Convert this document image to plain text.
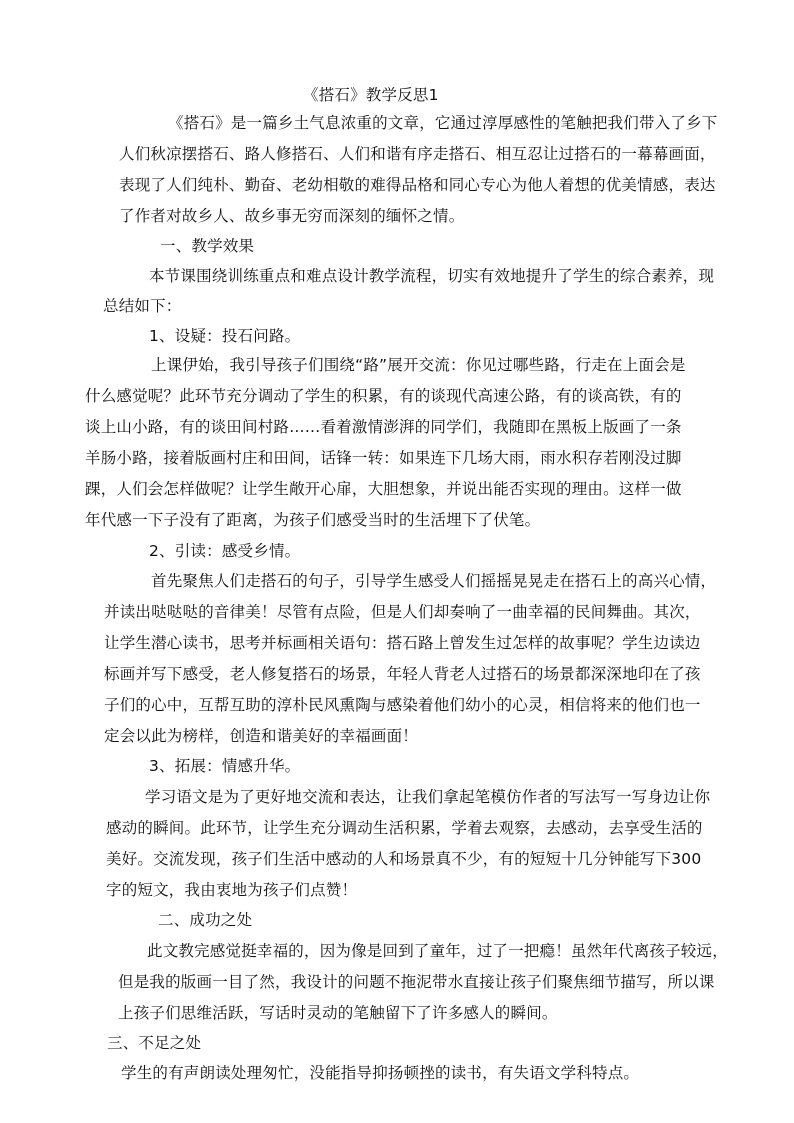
《搭石》教学反思1
《搭石》是一篇乡土气息浓重的文章，它通过淳厚感性的笔触把我们带入了乡下
人们秋凉摆搭石、路人修搭石、人们和谐有序走搭石、相互忍让过搭石的一幕幕画面，
表现了人们纯朴、勤奋、老幼相敬的难得品格和同心专心为他人着想的优美情感，表达
了作者对故乡人、故乡事无穷而深刻的缅怀之情。
一、教学效果
本节课围绕训练重点和难点设计教学流程，切实有效地提升了学生的综合素养，现
总结如下：
1、设疑：投石问路。
上课伊始，我引导孩子们围绕“路”展开交流：你见过哪些路，行走在上面会是
什么感觉呢？此环节充分调动了学生的积累，有的谈现代高速公路，有的谈高铁，有的
谈上山小路，有的谈田间村路……看着激情澎湃的同学们，我随即在黑板上版画了一条
羊肠小路，接着版画村庄和田间，话锋一转：如果连下几场大雨，雨水积存若刚没过脚
踝，人们会怎样做呢？让学生敞开心扉，大胆想象，并说出能否实现的理由。这样一做
年代感一下子没有了距离，为孩子们感受当时的生活埋下了伏笔。
2、引读：感受乡情。
首先聚焦人们走搭石的句子，引导学生感受人们摇摇晃晃走在搭石上的高兴心情，
并读出哒哒哒的音律美！尽管有点险，但是人们却奏响了一曲幸福的民间舞曲。其次，
让学生潜心读书，思考并标画相关语句：搭石路上曾发生过怎样的故事呢？学生边读边
标画并写下感受，老人修复搭石的场景，年轻人背老人过搭石的场景都深深地印在了孩
子们的心中，互帮互助的淳朴民风熏陶与感染着他们幼小的心灵，相信将来的他们也一
定会以此为榜样，创造和谐美好的幸福画面！
3、拓展：情感升华。
学习语文是为了更好地交流和表达，让我们拿起笔模仿作者的写法写一写身边让你
感动的瞬间。此环节，让学生充分调动生活积累，学着去观察，去感动，去享受生活的
美好。交流发现，孩子们生活中感动的人和场景真不少，有的短短十几分钟能写下300
字的短文，我由衷地为孩子们点赞！
二、成功之处
此文教完感觉挺幸福的，因为像是回到了童年，过了一把瘾！虽然年代离孩子较远，
但是我的版画一目了然，我设计的问题不拖泥带水直接让孩子们聚焦细节描写，所以课
上孩子们思维活跃，写话时灵动的笔触留下了许多感人的瞬间。
三、不足之处
学生的有声朗读处理匆忙，没能指导抑扬顿挫的读书，有失语文学科特点。
